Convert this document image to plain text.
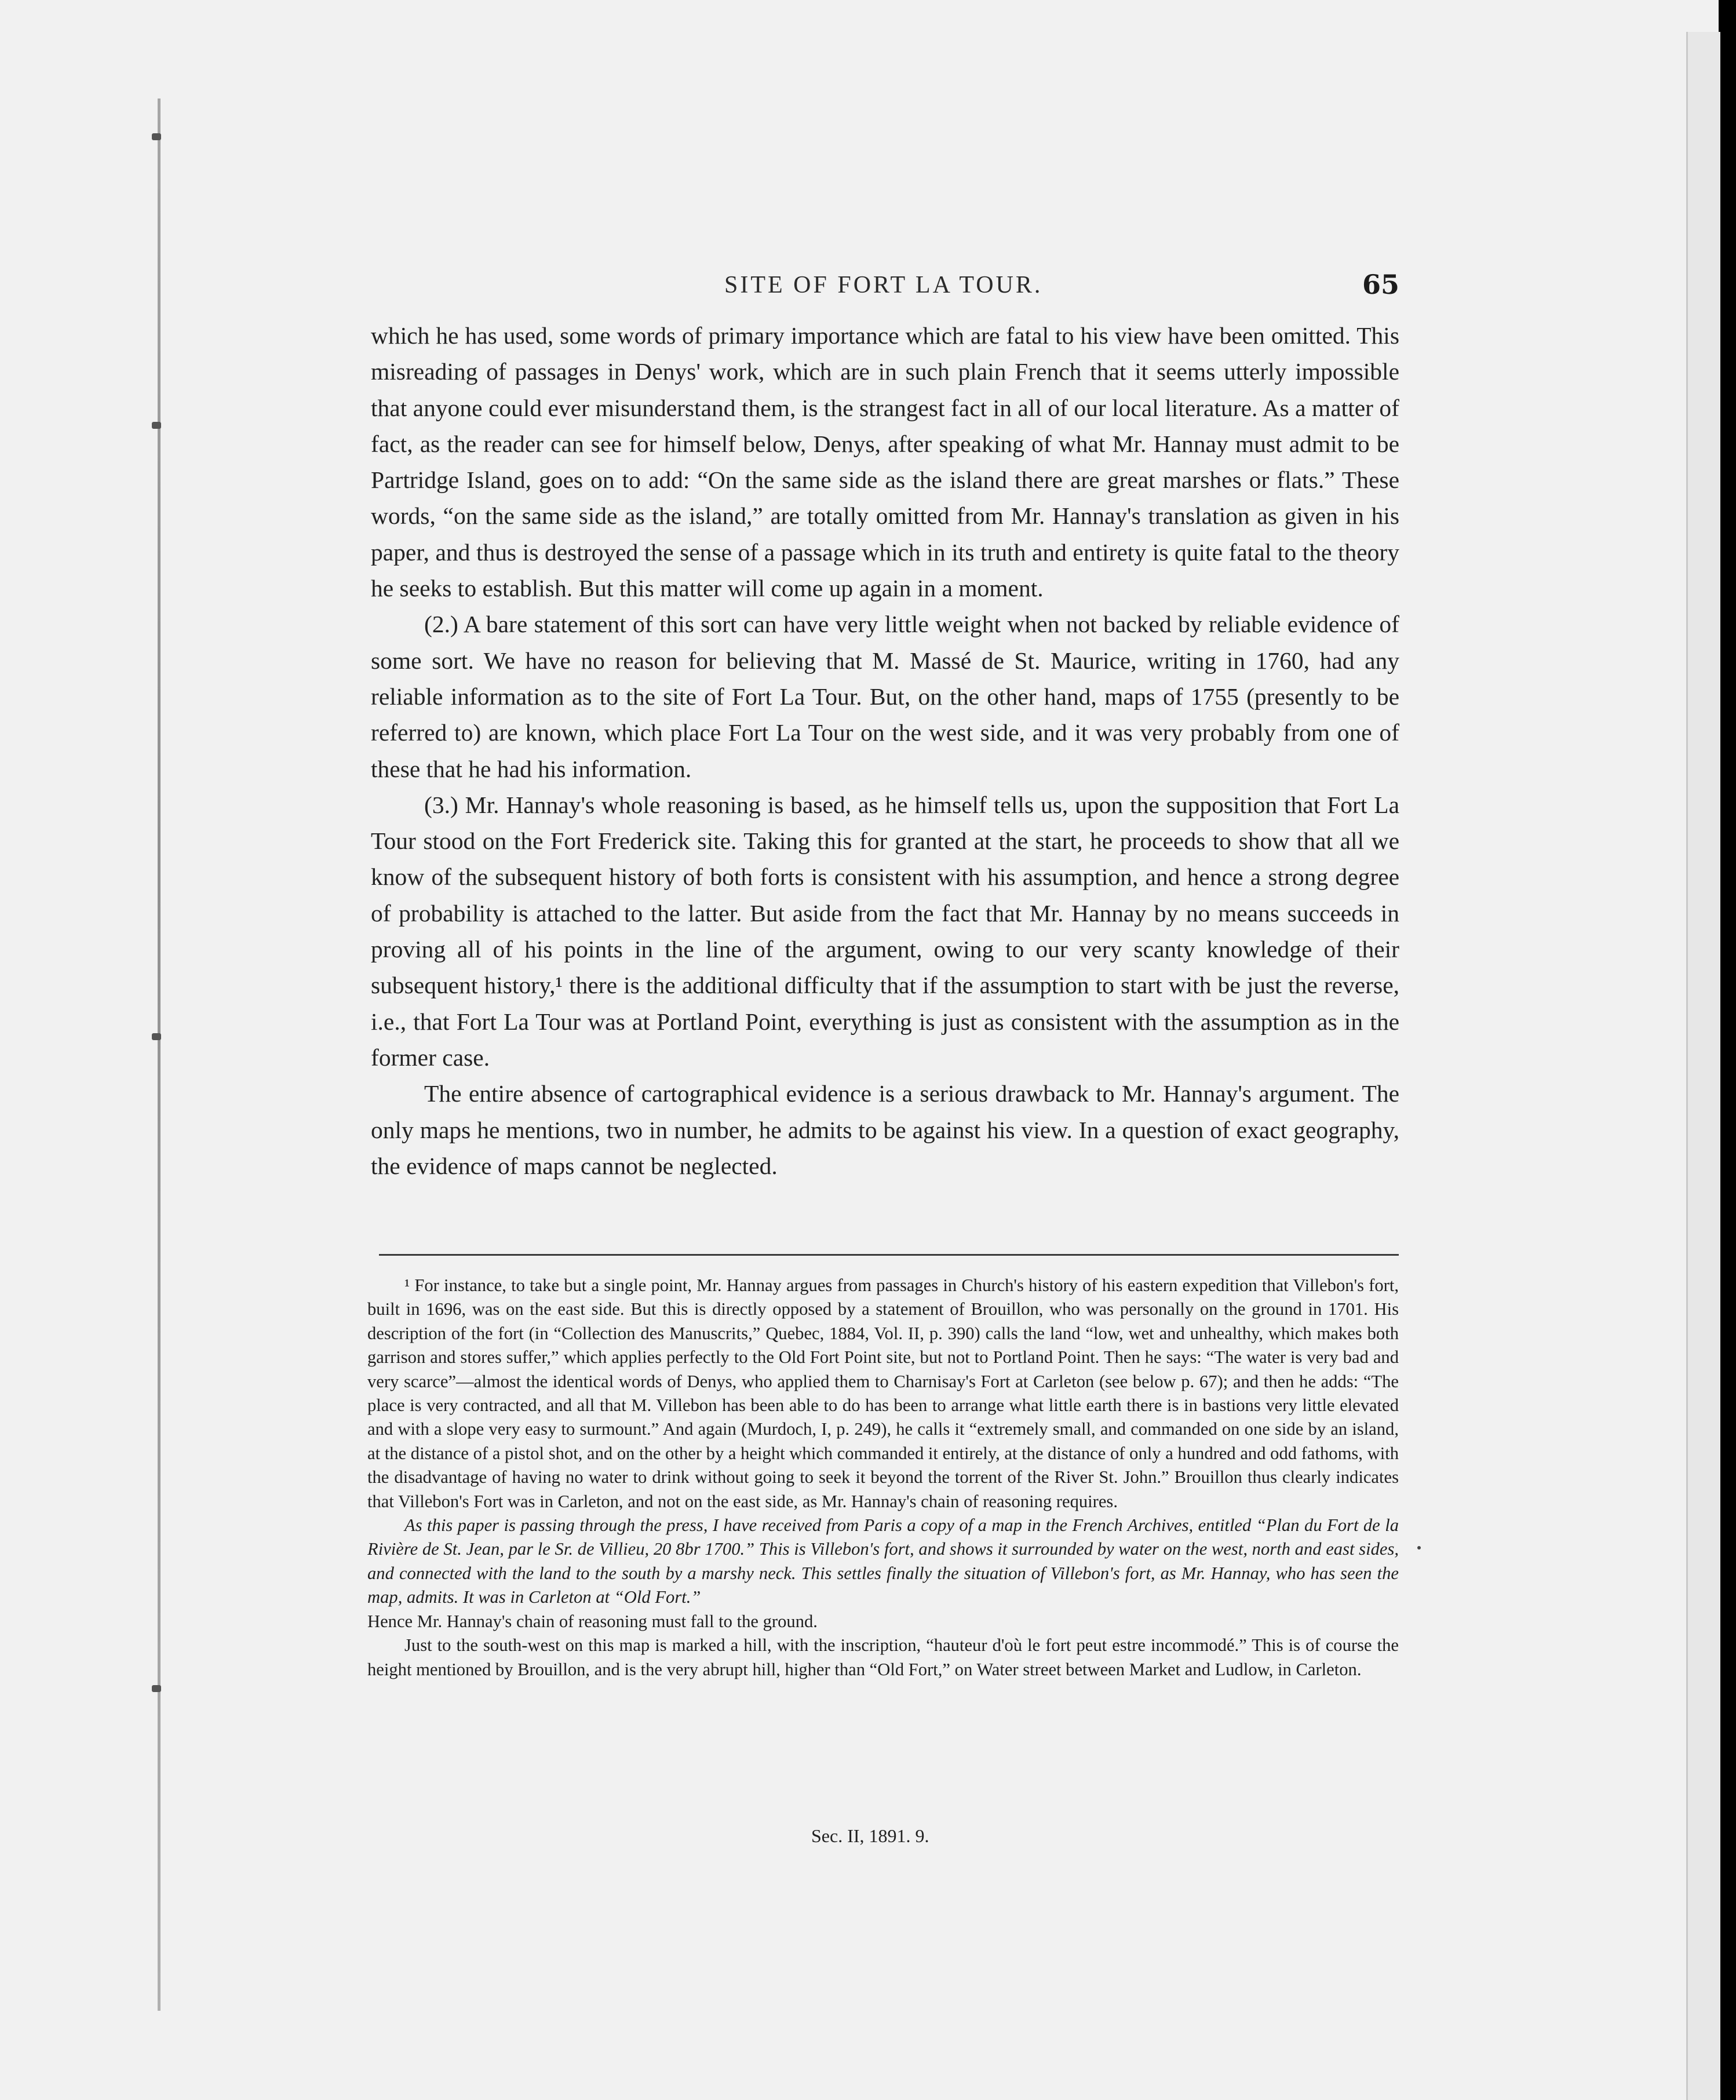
SITE OF FORT LA TOUR.	65

which he has used, some words of primary importance which are fatal to his view have been omitted. This misreading of passages in Denys' work, which are in such plain French that it seems utterly impossible that anyone could ever misunderstand them, is the strangest fact in all of our local literature. As a matter of fact, as the reader can see for himself below, Denys, after speaking of what Mr. Hannay must admit to be Partridge Island, goes on to add: “On the same side as the island there are great marshes or flats.” These words, “on the same side as the island,” are totally omitted from Mr. Hannay's translation as given in his paper, and thus is destroyed the sense of a passage which in its truth and entirety is quite fatal to the theory he seeks to establish. But this matter will come up again in a moment.

(2.) A bare statement of this sort can have very little weight when not backed by reliable evidence of some sort. We have no reason for believing that M. Massé de St. Maurice, writing in 1760, had any reliable information as to the site of Fort La Tour. But, on the other hand, maps of 1755 (presently to be referred to) are known, which place Fort La Tour on the west side, and it was very probably from one of these that he had his information.

(3.) Mr. Hannay's whole reasoning is based, as he himself tells us, upon the supposition that Fort La Tour stood on the Fort Frederick site. Taking this for granted at the start, he proceeds to show that all we know of the subsequent history of both forts is consistent with his assumption, and hence a strong degree of probability is attached to the latter. But aside from the fact that Mr. Hannay by no means succeeds in proving all of his points in the line of the argument, owing to our very scanty knowledge of their subsequent history,¹ there is the additional difficulty that if the assumption to start with be just the reverse, i.e., that Fort La Tour was at Portland Point, everything is just as consistent with the assumption as in the former case.

The entire absence of cartographical evidence is a serious drawback to Mr. Hannay's argument. The only maps he mentions, two in number, he admits to be against his view. In a question of exact geography, the evidence of maps cannot be neglected.

¹ For instance, to take but a single point, Mr. Hannay argues from passages in Church's history of his eastern expedition that Villebon's fort, built in 1696, was on the east side. But this is directly opposed by a statement of Brouillon, who was personally on the ground in 1701. His description of the fort (in “Collection des Manuscrits,” Quebec, 1884, Vol. II, p. 390) calls the land “low, wet and unhealthy, which makes both garrison and stores suffer,” which applies perfectly to the Old Fort Point site, but not to Portland Point. Then he says: “The water is very bad and very scarce”—almost the identical words of Denys, who applied them to Charnisay's Fort at Carleton (see below p. 67); and then he adds: “The place is very contracted, and all that M. Villebon has been able to do has been to arrange what little earth there is in bastions very little elevated and with a slope very easy to surmount.” And again (Murdoch, I, p. 249), he calls it “extremely small, and commanded on one side by an island, at the distance of a pistol shot, and on the other by a height which commanded it entirely, at the distance of only a hundred and odd fathoms, with the disadvantage of having no water to drink without going to seek it beyond the torrent of the River St. John.” Brouillon thus clearly indicates that Villebon's Fort was in Carleton, and not on the east side, as Mr. Hannay's chain of reasoning requires.

As this paper is passing through the press, I have received from Paris a copy of a map in the French Archives, entitled “Plan du Fort de la Rivière de St. Jean, par le Sr. de Villieu, 20 8br 1700.” This is Villebon's fort, and shows it surrounded by water on the west, north and east sides, and connected with the land to the south by a marshy neck. This settles finally the situation of Villebon's fort, as Mr. Hannay, who has seen the map, admits. It was in Carleton at “Old Fort.”

Hence Mr. Hannay's chain of reasoning must fall to the ground.

Just to the south-west on this map is marked a hill, with the inscription, “hauteur d'où le fort peut estre incommodé.” This is of course the height mentioned by Brouillon, and is the very abrupt hill, higher than “Old Fort,” on Water street between Market and Ludlow, in Carleton.

Sec. II, 1891. 9.
